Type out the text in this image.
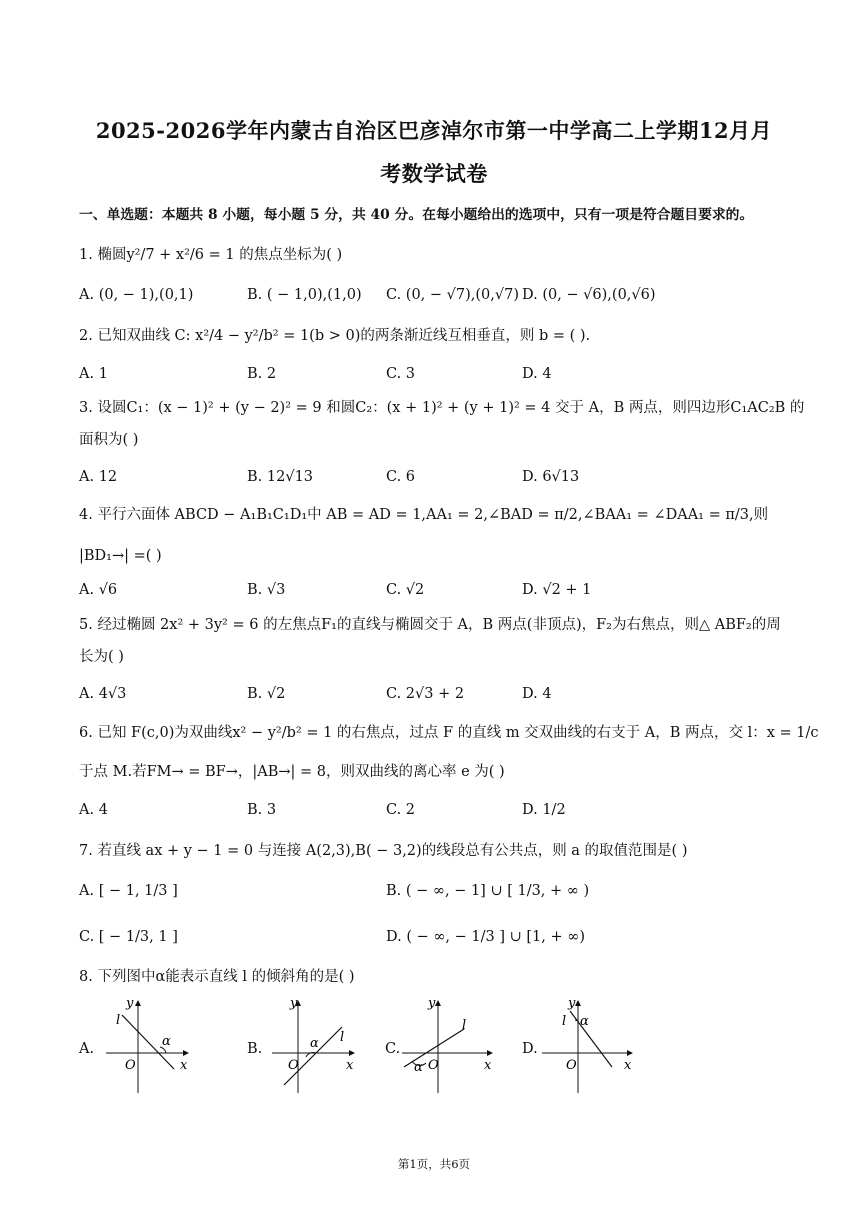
2025-2026学年内蒙古自治区巴彦淖尔市第一中学高二上学期12月月
考数学试卷
一、单选题：本题共 8 小题，每小题 5 分，共 40 分。在每小题给出的选项中，只有一项是符合题目要求的。
1. 椭圆y²/7 + x²/6 = 1 的焦点坐标为( )
A. (0, − 1),(0,1)	B. ( − 1,0),(1,0) C. (0, − √7),(0,√7) D. (0, − √6),(0,√6)
2. 已知双曲线 C: x²/4 − y²/b² = 1(b > 0)的两条渐近线互相垂直，则 b = ( ).
A. 1	B. 2	C. 3	D. 4
3. 设圆C₁：(x − 1)² + (y − 2)² = 9 和圆C₂：(x + 1)² + (y + 1)² = 4 交于 A，B 两点，则四边形C₁AC₂B 的
面积为( )
A. 12	B. 12√13	C. 6	D. 6√13
4. 平行六面体 ABCD − A₁B₁C₁D₁中 AB = AD = 1,AA₁ = 2,∠BAD = π/2,∠BAA₁ = ∠DAA₁ = π/3,则
|BD₁→| =( )
A. √6	B. √3	C. √2	D. √2 + 1
5. 经过椭圆 2x² + 3y² = 6 的左焦点F₁的直线与椭圆交于 A，B 两点(非顶点)，F₂为右焦点，则△ ABF₂的周
长为( )
A. 4√3	B. √2	C. 2√3 + 2	D. 4
6. 已知 F(c,0)为双曲线x² − y²/b² = 1 的右焦点，过点 F 的直线 m 交双曲线的右支于 A，B 两点，交 l：x = 1/c
于点 M.若FM→ = BF→，|AB→| = 8，则双曲线的离心率 e 为( )
A. 4	B. 3	C. 2	D. 1/2
7. 若直线 ax + y − 1 = 0 与连接 A(2,3),B( − 3,2)的线段总有公共点，则 a 的取值范围是( )
A. [ − 1, 1/3 ]	B. ( − ∞, − 1] ∪ [ 1/3, + ∞ )
C. [ − 1/3, 1 ]	D. ( − ∞, − 1/3 ] ∪ [1, + ∞)
8. 下列图中α能表示直线 l 的倾斜角的是( )
A.	B.	C.	D.
y
l
α
O	x
y
l
α
O	x
y
l
α O	x
y
l α
O	x
第1页，共6页
